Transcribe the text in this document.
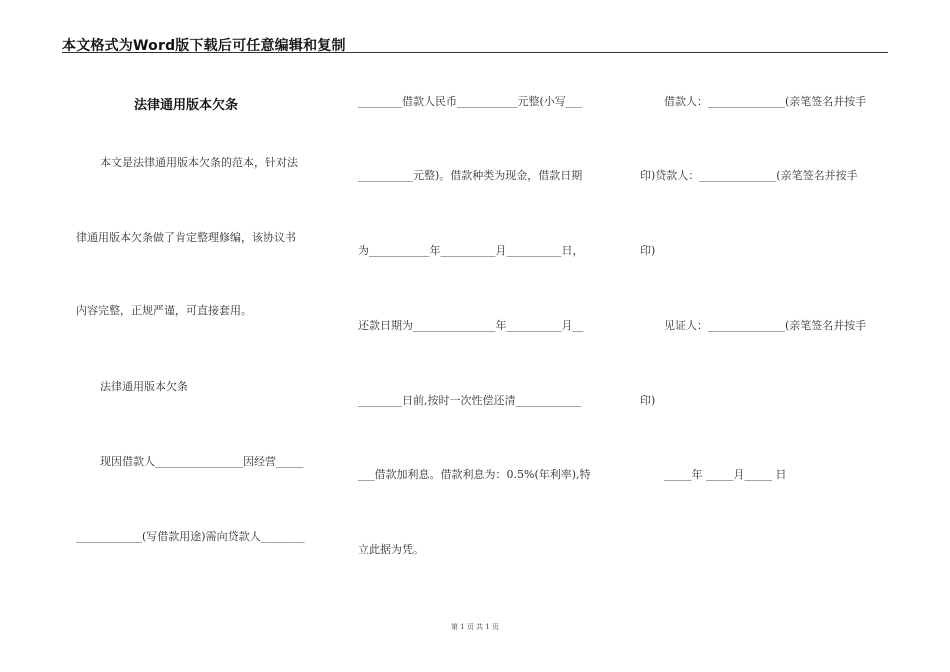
本文格式为Word版下载后可任意编辑和复制
法律通用版本欠条
本文是法律通用版本欠条的范本，针对法
律通用版本欠条做了肯定整理修编，该协议书
内容完整，正规严谨，可直接套用。
法律通用版本欠条
现因借款人________________因经营_____
____________(写借款用途)需向贷款人________
________借款人民币___________元整(小写___
__________元整)。借款种类为现金，借款日期
为___________年__________月__________日，
还款日期为_______________年__________月__
________日前,按时一次性偿还清____________
___借款加利息。借款利息为：0.5%(年利率),特
立此据为凭。
借款人：______________(亲笔签名并按手
印)贷款人：______________(亲笔签名并按手
印)
见证人：______________(亲笔签名并按手
印)
_____年 _____月_____ 日
第 1 页 共 1 页
